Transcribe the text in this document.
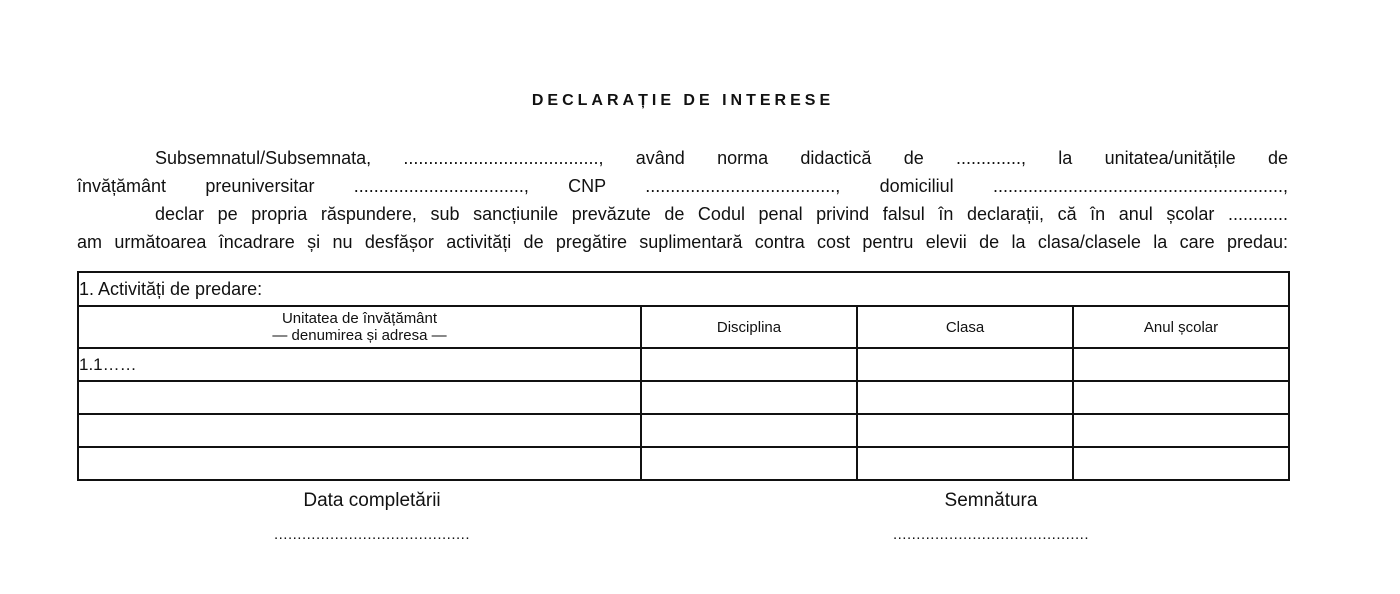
DECLARAȚIE DE INTERESE
Subsemnatul/Subsemnata, ......................................., având norma didactică de ............., la unitatea/unitățile de
învățământ preuniversitar .................................., CNP ......................................, domiciliul ..........................................................,
declar pe propria răspundere, sub sancțiunile prevăzute de Codul penal privind falsul în declarații, că în anul școlar ............
am următoarea încadrare și nu desfășor activități de pregătire suplimentară contra cost pentru elevii de la clasa/clasele la care predau:
1. Activități de predare:			

Unitatea de învățământ
— denumirea și adresa —	Disciplina	Clasa	Anul școlar
1.1……			

Data completării
..........................................
Semnătura
..........................................
